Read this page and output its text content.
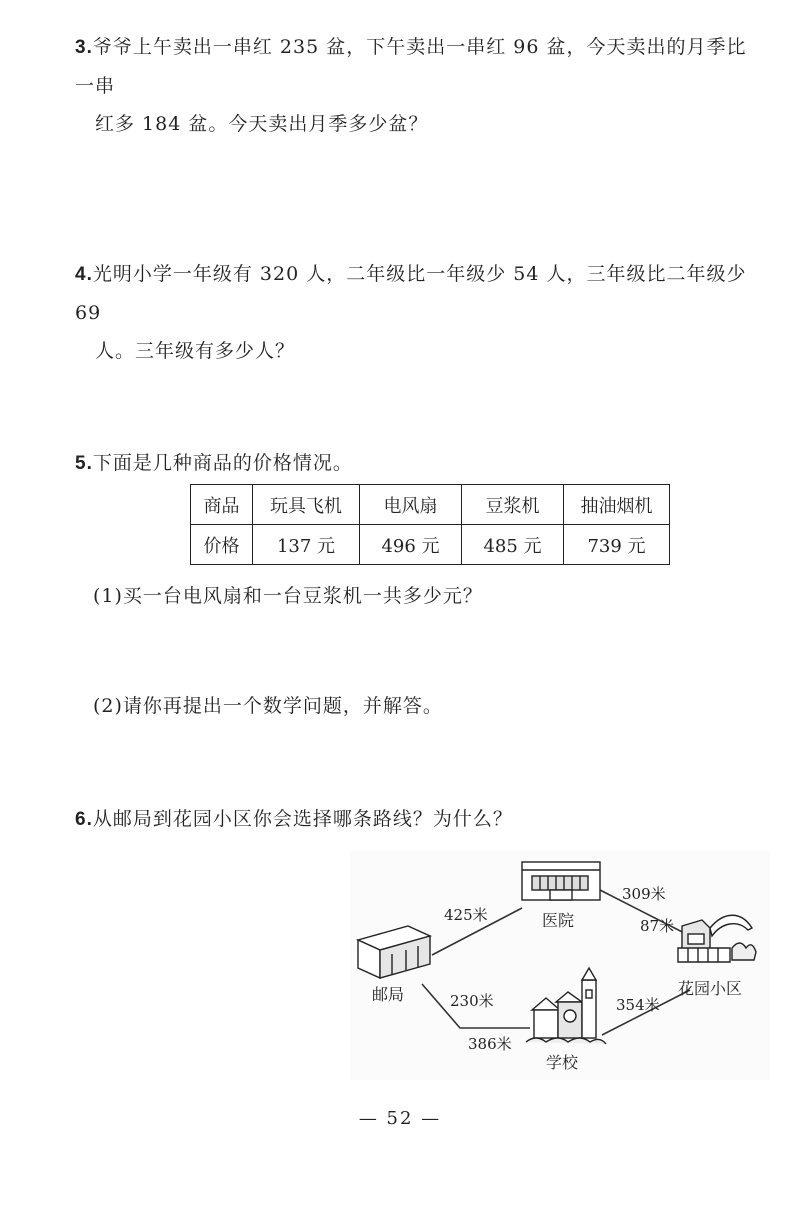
3.爷爷上午卖出一串红 235 盆，下午卖出一串红 96 盆，今天卖出的月季比一串
红多 184 盆。今天卖出月季多少盆？
4.光明小学一年级有 320 人，二年级比一年级少 54 人，三年级比二年级少 69
人。三年级有多少人？
5.下面是几种商品的价格情况。
商品	玩具飞机	电风扇	豆浆机	抽油烟机
价格	137 元	496 元	485 元	739 元
(1)买一台电风扇和一台豆浆机一共多少元？
(2)请你再提出一个数学问题，并解答。
6.从邮局到花园小区你会选择哪条路线？为什么？
医院
邮局	花园小区
学校
425米
309米
87米
230米
386米
354米
— 52 —
